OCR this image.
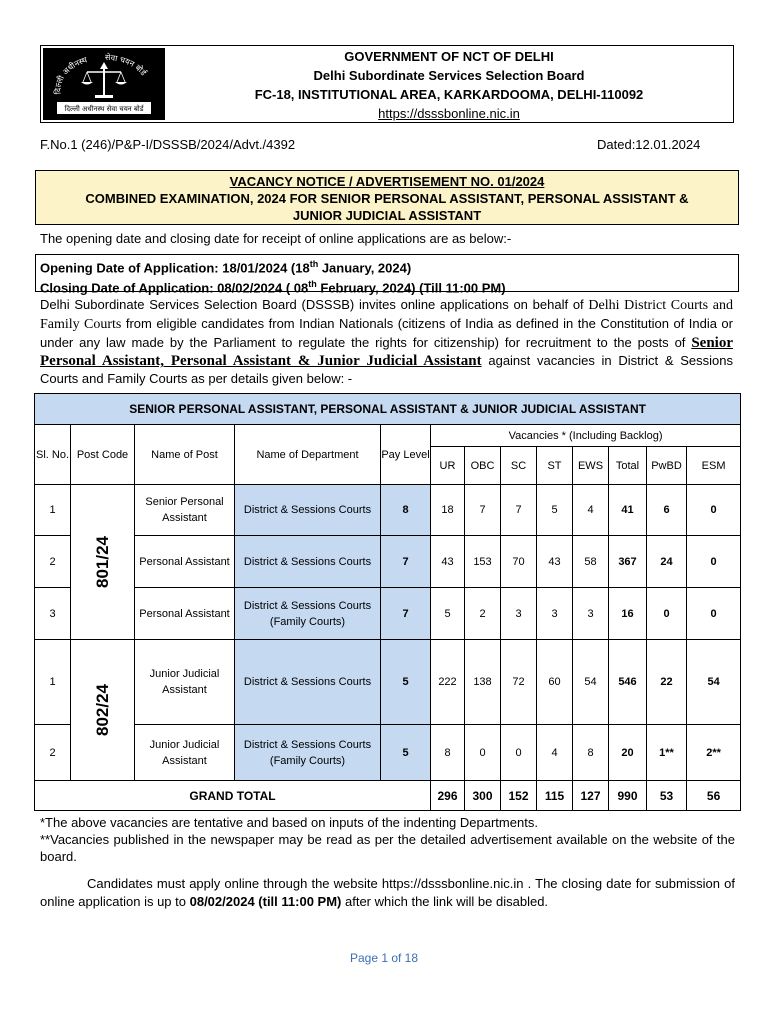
दिल्ली अधीनस्थ सेवा चयन बोर्ड
दिल्ली अधीनस्थ सेवा चयन बोर्ड
GOVERNMENT OF NCT OF DELHI
Delhi Subordinate Services Selection Board
FC-18, INSTITUTIONAL AREA, KARKARDOOMA, DELHI-110092
https://dsssbonline.nic.in
F.No.1 (246)/P&P-I/DSSSB/2024/Advt./4392	Dated:12.01.2024
VACANCY NOTICE / ADVERTISEMENT NO. 01/2024
COMBINED EXAMINATION, 2024 FOR SENIOR PERSONAL ASSISTANT, PERSONAL ASSISTANT & JUNIOR JUDICIAL ASSISTANT
The opening date and closing date for receipt of online applications are as below:-
Opening Date of Application: 18/01/2024 (18th January, 2024)
Closing Date of Application: 08/02/2024 ( 08th February, 2024) (Till 11:00 PM)
Delhi Subordinate Services Selection Board (DSSSB) invites online applications on behalf of Delhi District Courts and Family Courts from eligible candidates from Indian Nationals (citizens of India as defined in the Constitution of India or under any law made by the Parliament to regulate the rights for citizenship) for recruitment to the posts of Senior Personal Assistant, Personal Assistant & Junior Judicial Assistant against vacancies in District & Sessions Courts and Family Courts as per details given below: -
SENIOR PERSONAL ASSISTANT, PERSONAL ASSISTANT & JUNIOR JUDICIAL ASSISTANT												
Sl. No.	Post Code	Name of Post	Name of Department	Pay Level	Vacancies * (Including Backlog)							
					UR	OBC	SC	ST	EWS	Total	PwBD	ESM
1	801/24	Senior Personal Assistant	District & Sessions Courts	8	18	7	7	5	4	41	6	0
2		Personal Assistant	District & Sessions Courts	7	43	153	70	43	58	367	24	0
3		Personal Assistant	District & Sessions Courts (Family Courts)	7	5	2	3	3	3	16	0	0
1	802/24	Junior Judicial Assistant	District & Sessions Courts	5	222	138	72	60	54	546	22	54
2		Junior Judicial Assistant	District & Sessions Courts (Family Courts)	5	8	0	0	4	8	20	1**	2**
GRAND TOTAL					296	300	152	115	127	990	53	56
*The above vacancies are tentative and based on inputs of the indenting Departments.
**Vacancies published in the newspaper may be read as per the detailed advertisement available on the website of the board.
Candidates must apply online through the website https://dsssbonline.nic.in . The closing date for submission of online application is up to 08/02/2024 (till 11:00 PM) after which the link will be disabled.
Page 1 of 18
